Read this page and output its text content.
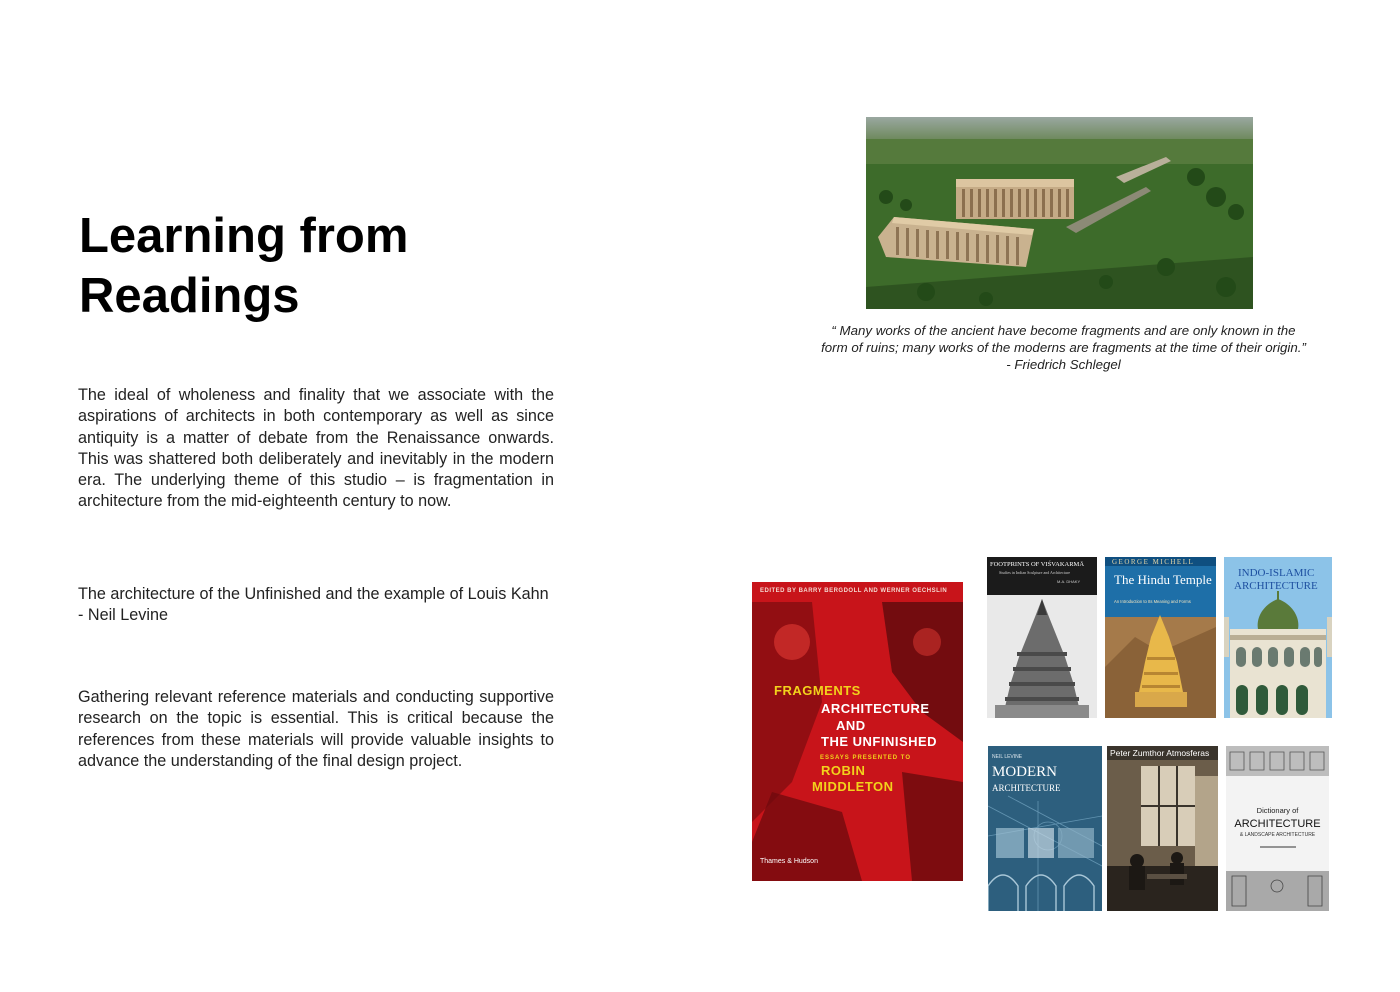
Learning from
Readings

The ideal of wholeness and finality that we associate with the aspirations of architects in both contemporary as well as since antiquity is a matter of debate from the Renaissance onwards. This was shattered both deliberately and inevitably in the modern era. The underlying theme of this studio – is fragmentation in architecture from the mid-eighteenth century to now.

The architecture of the Unfinished and the example of Louis Kahn - Neil Levine

Gathering relevant reference materials and conducting supportive research on the topic is essential. This is critical because the references from these materials will provide valuable insights to advance the understanding of the final design project.

“ Many works of the ancient have become fragments and are only known in the
form of ruins; many works of the moderns are fragments at the time of their origin.”
- Friedrich Schlegel
EDITED BY BARRY BERGDOLL AND WERNER OECHSLIN
FRAGMENTS
ARCHITECTURE
AND
THE UNFINISHED
ESSAYS PRESENTED TO
ROBIN
MIDDLETON
Thames & Hudson
FOOTPRINTS OF VIŚVAKARMĀ
Studies in Indian Sculpture and Architecture
M.A. DHAKY
GEORGE MICHELL
The Hindu Temple
An Introduction to Its Meaning and Forms
INDO-ISLAMIC
ARCHITECTURE
NEIL LEVINE
MODERN
ARCHITECTURE
Peter Zumthor Atmosferas
Dictionary of
ARCHITECTURE
& LANDSCAPE ARCHITECTURE
